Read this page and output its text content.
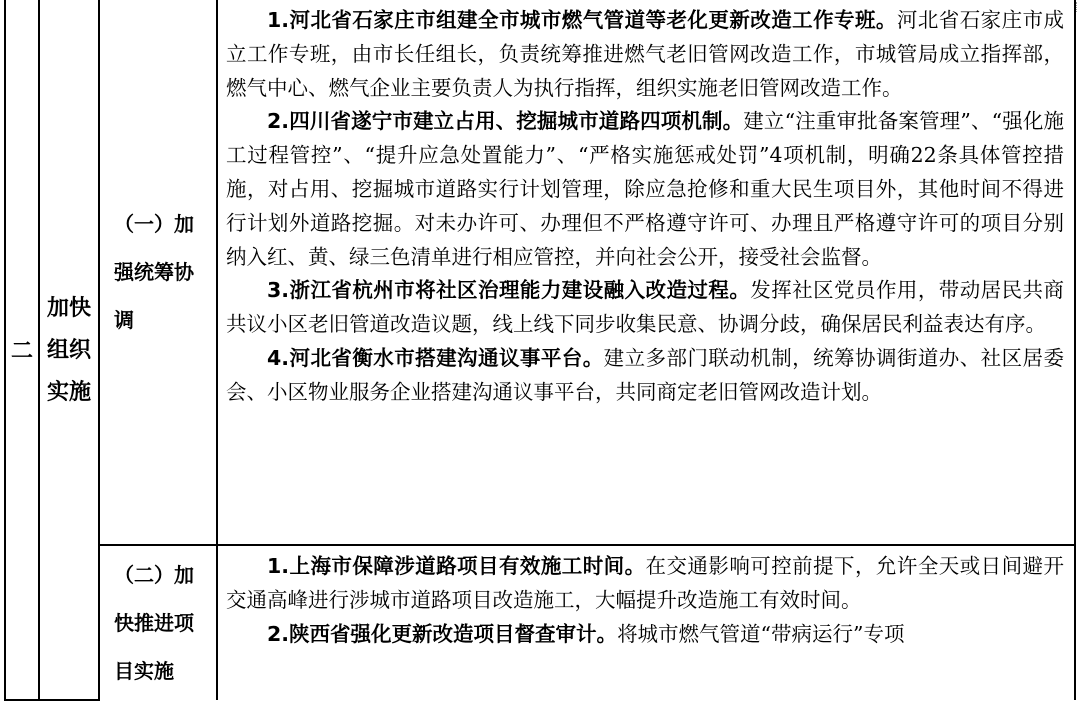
二	加快组织实施	（一）加强统筹协调	1.河北省石家庄市组建全市城市燃气管道等老化更新改造工作专班。河北省石家庄市成立工作专班，由市长任组长，负责统筹推进燃气老旧管网改造工作，市城管局成立指挥部，燃气中心、燃气企业主要负责人为执行指挥，组织实施老旧管网改造工作。

2.四川省遂宁市建立占用、挖掘城市道路四项机制。建立“注重审批备案管理”、“强化施工过程管控”、“提升应急处置能力”、“严格实施惩戒处罚”4项机制，明确22条具体管控措施，对占用、挖掘城市道路实行计划管理，除应急抢修和重大民生项目外，其他时间不得进行计划外道路挖掘。对未办许可、办理但不严格遵守许可、办理且严格遵守许可的项目分别纳入红、黄、绿三色清单进行相应管控，并向社会公开，接受社会监督。

3.浙江省杭州市将社区治理能力建设融入改造过程。发挥社区党员作用，带动居民共商共议小区老旧管道改造议题，线上线下同步收集民意、协调分歧，确保居民利益表达有序。

4.河北省衡水市搭建沟通议事平台。建立多部门联动机制，统筹协调街道办、社区居委会、小区物业服务企业搭建沟通议事平台，共同商定老旧管网改造计划。

		（二）加快推进项目实施	1.上海市保障涉道路项目有效施工时间。在交通影响可控前提下，允许全天或日间避开交通高峰进行涉城市道路项目改造施工，大幅提升改造施工有效时间。

2.陕西省强化更新改造项目督查审计。将城市燃气管道“带病运行”专项
